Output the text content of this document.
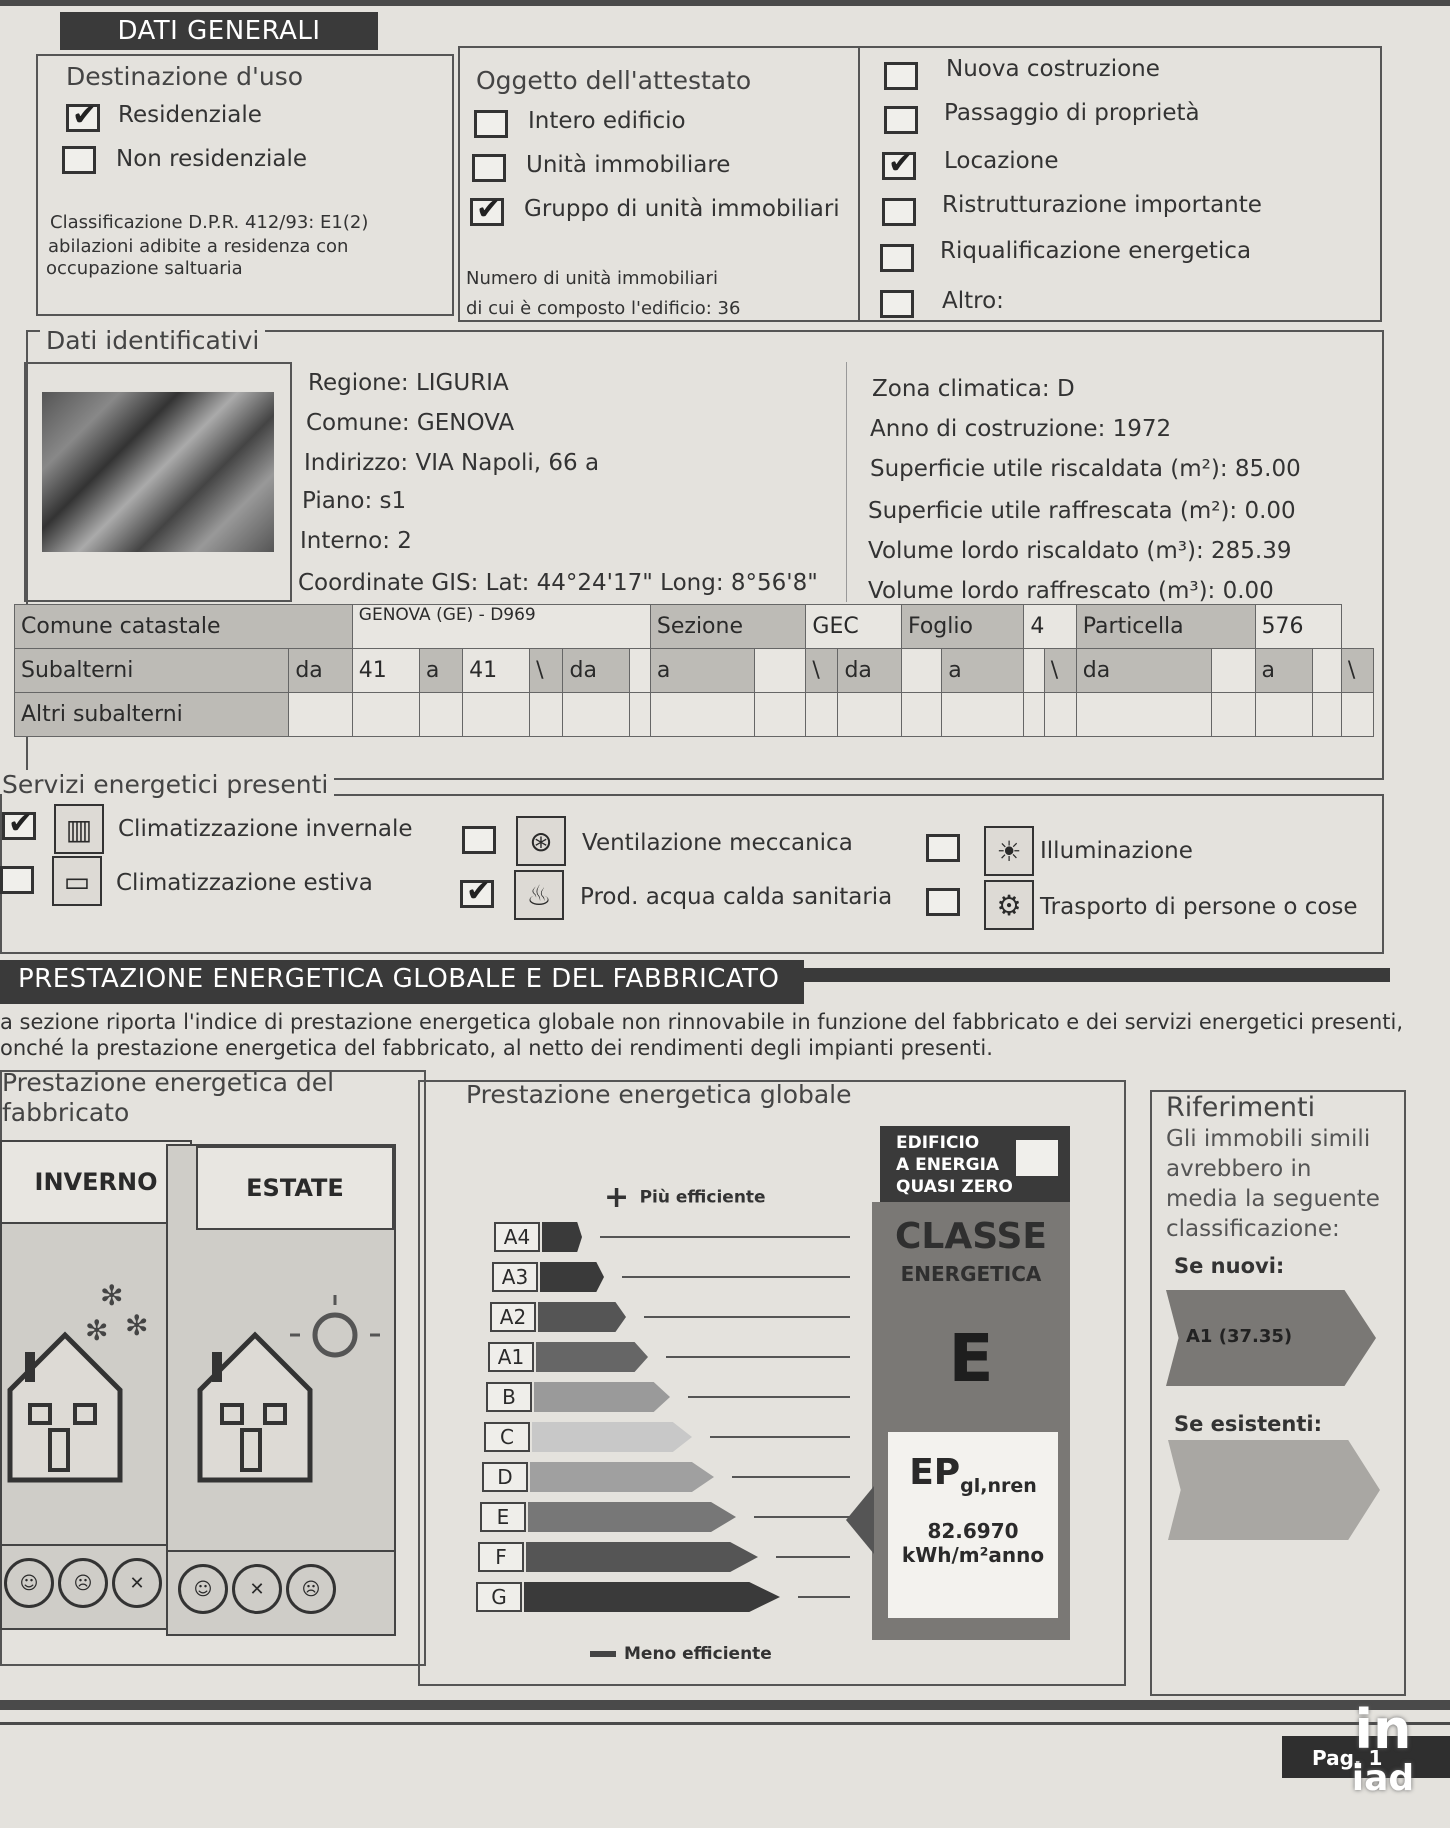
DATI GENERALI
Destinazione d'uso
✔
Residenziale
Non residenziale
Classificazione D.P.R. 412/93: E1(2)
abilazioni adibite a residenza con
occupazione saltuaria
Oggetto dell'attestato
Intero edificio
Unità immobiliare
✔
Gruppo di unità immobiliari
Numero di unità immobiliari
di cui è composto l'edificio: 36
Nuova costruzione
Passaggio di proprietà
✔
Locazione
Ristrutturazione importante
Riqualificazione energetica
Altro:
Dati identificativi
Regione: LIGURIA
Comune: GENOVA
Indirizzo: VIA Napoli, 66 a
Piano: s1
Interno: 2
Coordinate GIS: Lat: 44°24'17" Long: 8°56'8"
Zona climatica: D
Anno di costruzione: 1972
Superficie utile riscaldata (m²): 85.00
Superficie utile raffrescata (m²): 0.00
Volume lordo riscaldato (m³): 285.39
Volume lordo raffrescato (m³): 0.00
Comune catastale		GENOVA (GE) - D969						Sezione		GEC		Foglio		4		Particella		576		
Subalterni	da	41	a	41	\	da		a		\	da		a		\	da		a		\
Altri subalterni																				
Servizi energetici presenti
✔
▥	Climatizzazione invernale
▭	Climatizzazione estiva
⊛	Ventilazione meccanica
✔
♨	Prod. acqua calda sanitaria
☀ Illuminazione
⚙ Trasporto di persone o cose
PRESTAZIONE ENERGETICA GLOBALE E DEL FABBRICATO
a sezione riporta l'indice di prestazione energetica globale non rinnovabile in funzione del fabbricato e dei servizi energetici presenti,
onché la prestazione energetica del fabbricato, al netto dei rendimenti degli impianti presenti.
Prestazione energetica del
fabbricato
INVERNO
✻
✻ ✻
☺ ☹ ✕
ESTATE
☺ ✕ ☹
Prestazione energetica globale
+ Più efficiente
A4
A3
A2
A1
B
C
D
E
F
G
Meno efficiente
EDIFICIO
A ENERGIA
QUASI ZERO
CLASSE
ENERGETICA
E
$EP_{gl,nren}$
82.6970
kWh/m²anno
Riferimenti
Gli immobili simili
avrebbero in
media la seguente
classificazione:
Se nuovi:
A1 (37.35)
Se esistenti:
Pag. 1
in
iad
